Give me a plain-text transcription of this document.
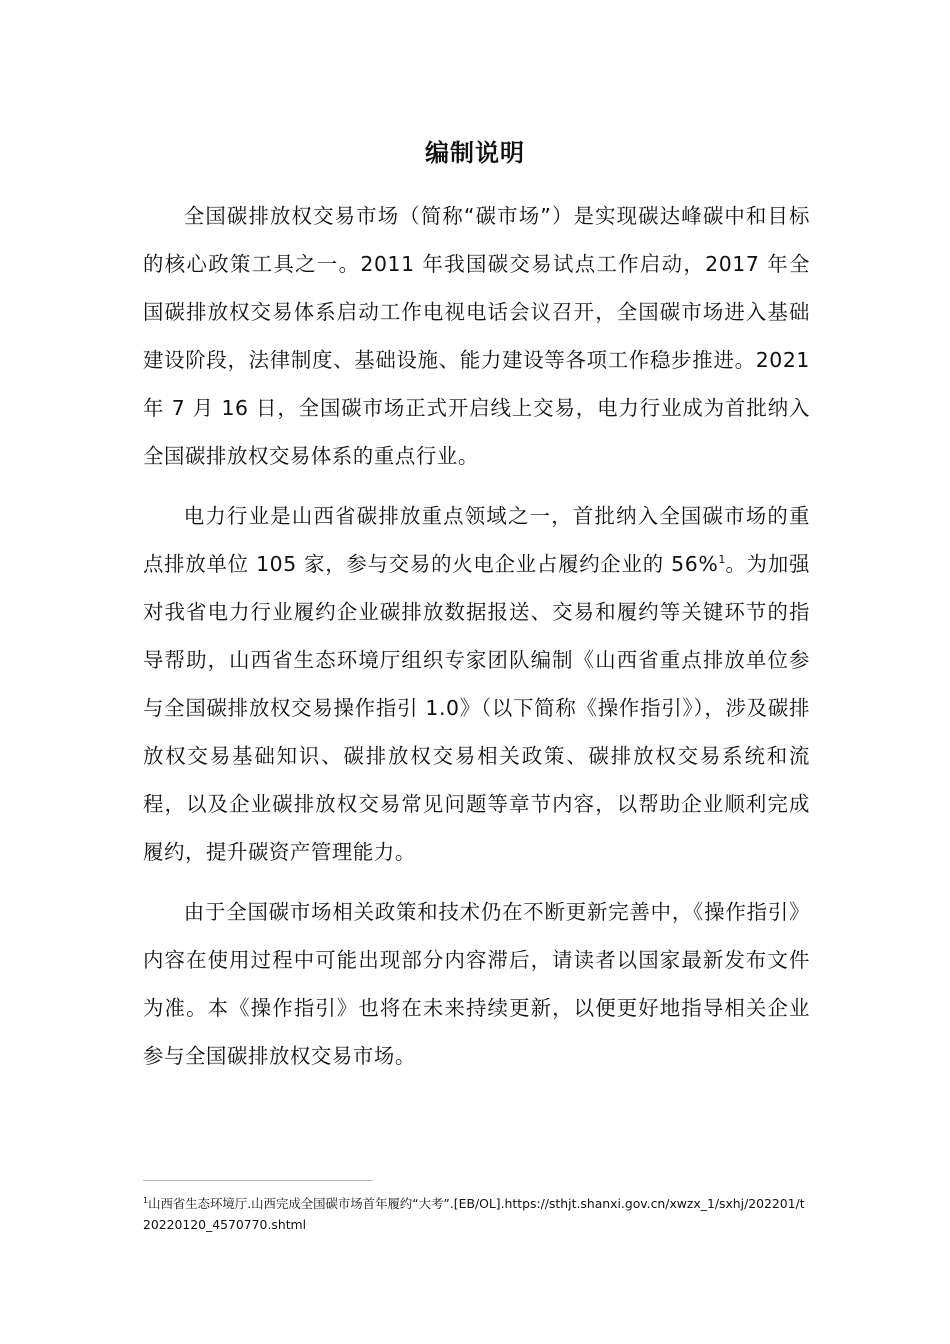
编制说明

全国碳排放权交易市场（简称“碳市场”）是实现碳达峰碳中和目标的核心政策工具之一。2011 年我国碳交易试点工作启动，2017 年全国碳排放权交易体系启动工作电视电话会议召开，全国碳市场进入基础建设阶段，法律制度、基础设施、能力建设等各项工作稳步推进。2021 年 7 月 16 日，全国碳市场正式开启线上交易，电力行业成为首批纳入全国碳排放权交易体系的重点行业。

电力行业是山西省碳排放重点领域之一，首批纳入全国碳市场的重点排放单位 105 家，参与交易的火电企业占履约企业的 56%$^1$。为加强对我省电力行业履约企业碳排放数据报送、交易和履约等关键环节的指导帮助，山西省生态环境厅组织专家团队编制《山西省重点排放单位参与全国碳排放权交易操作指引 1.0》（以下简称《操作指引》），涉及碳排放权交易基础知识、碳排放权交易相关政策、碳排放权交易系统和流程，以及企业碳排放权交易常见问题等章节内容，以帮助企业顺利完成履约，提升碳资产管理能力。

由于全国碳市场相关政策和技术仍在不断更新完善中，《操作指引》内容在使用过程中可能出现部分内容滞后，请读者以国家最新发布文件为准。本《操作指引》也将在未来持续更新，以便更好地指导相关企业参与全国碳排放权交易市场。

$^1$山西省生态环境厅.山西完成全国碳市场首年履约“大考”.[EB/OL].https://sthjt.shanxi.gov.cn/xwzx_1/sxhj/202201/t20220120_4570770.shtml
